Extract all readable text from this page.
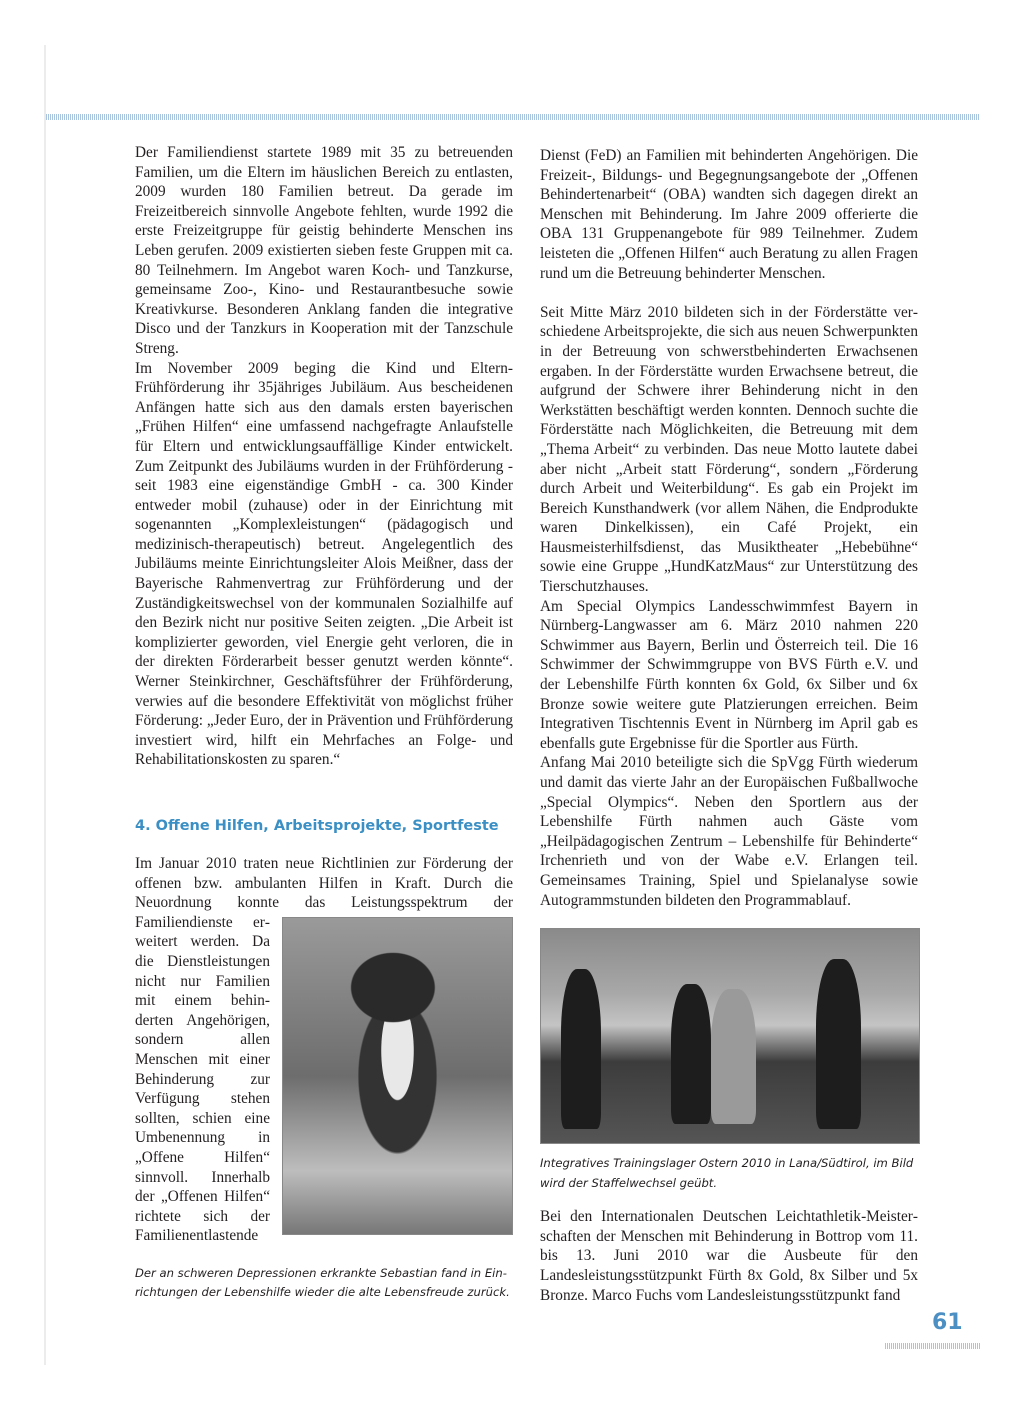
Der Familiendienst startete 1989 mit 35 zu betreuenden Familien, um die Eltern im häuslichen Bereich zu entlasten, 2009 wurden 180 Familien betreut. Da gerade im Freizeitbereich sinnvolle Angebote fehlten, wurde 1992 die erste Freizeitgruppe für geistig behinderte Menschen ins Leben gerufen. 2009 existierten sieben feste Gruppen mit ca. 80 Teilnehmern. Im Angebot waren Koch- und Tanzkurse, gemeinsame Zoo-, Kino- und Restaurantbesuche sowie Kreativkurse. Besonderen Anklang fanden die integrative Disco und der Tanzkurs in Kooperation mit der Tanzschule Streng.

Im November 2009 beging die Kind und Eltern-Frühförderung ihr 35jähriges Jubiläum. Aus bescheidenen Anfängen hatte sich aus den damals ersten bayerischen „Frühen Hilfen“ eine umfassend nachgefragte Anlaufstelle für Eltern und entwicklungsauffällige Kinder entwickelt. Zum Zeitpunkt des Jubiläums wurden in der Frühförderung - seit 1983 eine eigenständige GmbH - ca. 300 Kinder entweder mobil (zuhause) oder in der Einrichtung mit sogenannten „Komplexleistungen“ (pädagogisch und medizinisch-therapeutisch) betreut. Angelegentlich des Jubiläums meinte Einrichtungsleiter Alois Meißner, dass der Bayerische Rahmenvertrag zur Frühförderung und der Zuständigkeitswechsel von der kommunalen Sozialhilfe auf den Bezirk nicht nur positive Seiten zeigten. „Die Arbeit ist komplizierter geworden, viel Energie geht verloren, die in der direkten Förderarbeit besser genutzt werden könnte“. Werner Steinkirchner, Geschäftsführer der Frühförderung, verwies auf die besondere Effektivität von möglichst früher Förderung: „Jeder Euro, der in Prävention und Frühförderung investiert wird, hilft ein Mehrfaches an Folge- und Rehabilitationskosten zu sparen.“

4. Offene Hilfen, Arbeitsprojekte, Sportfeste

Im Januar 2010 traten neue Richtlinien zur Förderung der offenen bzw. ambulanten Hilfen in Kraft. Durch die Neuordnung konnte das Leistungsspektrum der Familiendienste erweitert werden. Da die Dienstleistungen nicht nur Familien mit einem behinderten Angehörigen, sondern allen Menschen mit einer Behinderung zur Verfügung stehen sollten, schien eine Umbenennung in „Offene Hilfen“ sinnvoll. Innerhalb der „Offenen Hilfen“ richtete sich der Familienentlastende

Der an schweren Depressionen erkrankte Sebastian fand in Einrichtungen der Lebenshilfe wieder die alte Lebensfreude zurück.

Dienst (FeD) an Familien mit behinderten Angehörigen. Die Freizeit-, Bildungs- und Begegnungsangebote der „Offenen Behindertenarbeit“ (OBA) wandten sich dagegen direkt an Menschen mit Behinderung. Im Jahre 2009 offerierte die OBA 131 Gruppenangebote für 989 Teilnehmer. Zudem leisteten die „Offenen Hilfen“ auch Beratung zu allen Fragen rund um die Betreuung behinderter Menschen.

Seit Mitte März 2010 bildeten sich in der Förderstätte verschiedene Arbeitsprojekte, die sich aus neuen Schwerpunkten in der Betreuung von schwerstbehinderten Erwachsenen ergaben. In der Förderstätte wurden Erwachsene betreut, die aufgrund der Schwere ihrer Behinderung nicht in den Werkstätten beschäftigt werden konnten. Dennoch suchte die Förderstätte nach Möglichkeiten, die Betreuung mit dem „Thema Arbeit“ zu verbinden. Das neue Motto lautete dabei aber nicht „Arbeit statt Förderung“, sondern „Förderung durch Arbeit und Weiterbildung“. Es gab ein Projekt im Bereich Kunsthandwerk (vor allem Nähen, die Endprodukte waren Dinkelkissen), ein Café Projekt, ein Hausmeisterhilfsdienst, das Musiktheater „Hebebühne“ sowie eine Gruppe „HundKatzMaus“ zur Unterstützung des Tierschutzhauses.

Am Special Olympics Landesschwimmfest Bayern in Nürnberg-Langwasser am 6. März 2010 nahmen 220 Schwimmer aus Bayern, Berlin und Österreich teil. Die 16 Schwimmer der Schwimmgruppe von BVS Fürth e.V. und der Lebenshilfe Fürth konnten 6x Gold, 6x Silber und 6x Bronze sowie weitere gute Platzierungen erreichen. Beim Integrativen Tischtennis Event in Nürnberg im April gab es ebenfalls gute Ergebnisse für die Sportler aus Fürth.

Anfang Mai 2010 beteiligte sich die SpVgg Fürth wiederum und damit das vierte Jahr an der Europäischen Fußballwoche „Special Olympics“. Neben den Sportlern aus der Lebenshilfe Fürth nahmen auch Gäste vom „Heilpädagogischen Zentrum – Lebenshilfe für Behinderte“ Irchenrieth und von der Wabe e.V. Erlangen teil. Gemeinsames Training, Spiel und Spielanalyse sowie Autogrammstunden bildeten den Programmablauf.

Integratives Trainingslager Ostern 2010 in Lana/Südtirol, im Bild wird der Staffelwechsel geübt.

Bei den Internationalen Deutschen Leichtathletik-Meisterschaften der Menschen mit Behinderung in Bottrop vom 11. bis 13. Juni 2010 war die Ausbeute für den Landesleistungsstützpunkt Fürth 8x Gold, 8x Silber und 5x Bronze. Marco Fuchs vom Landesleistungsstützpunkt fand

61
